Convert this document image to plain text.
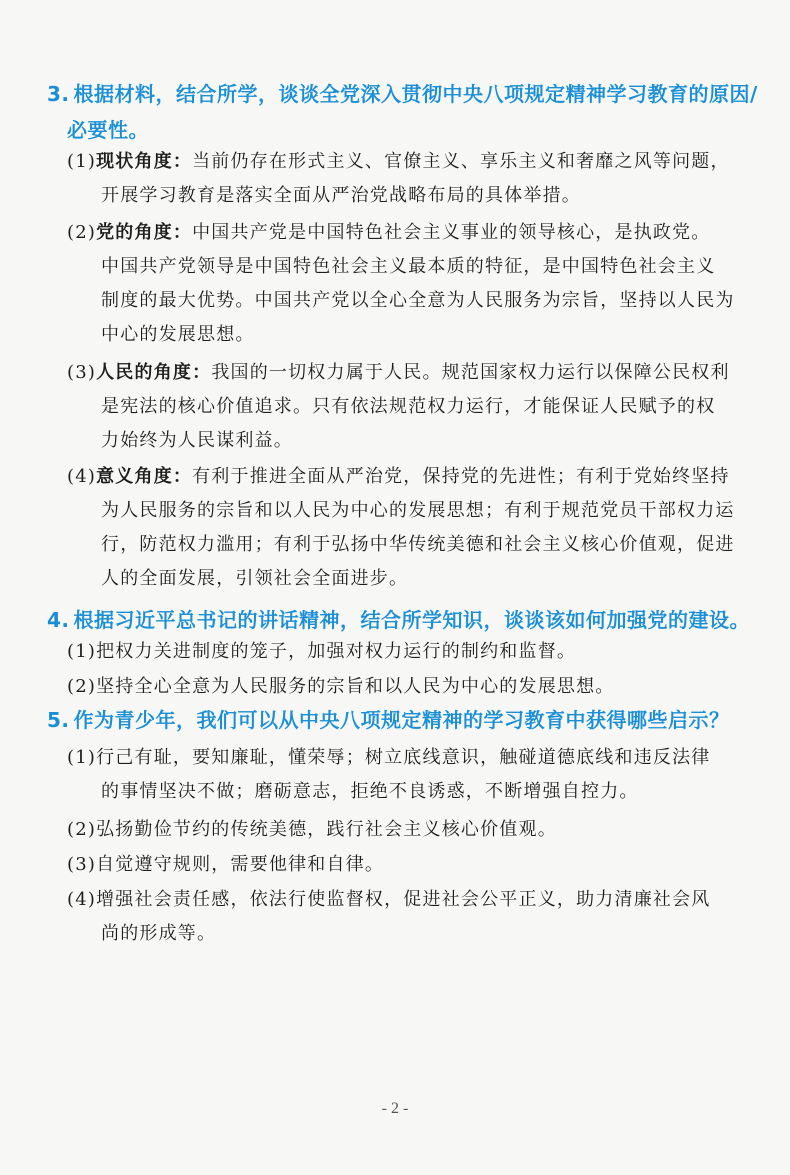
3. 根据材料，结合所学，谈谈全党深入贯彻中央八项规定精神学习教育的原因/
必要性。
(1)现状角度：当前仍存在形式主义、官僚主义、享乐主义和奢靡之风等问题，
开展学习教育是落实全面从严治党战略布局的具体举措。
(2)党的角度：中国共产党是中国特色社会主义事业的领导核心，是执政党。
中国共产党领导是中国特色社会主义最本质的特征，是中国特色社会主义
制度的最大优势。中国共产党以全心全意为人民服务为宗旨，坚持以人民为
中心的发展思想。
(3)人民的角度：我国的一切权力属于人民。规范国家权力运行以保障公民权利
是宪法的核心价值追求。只有依法规范权力运行，才能保证人民赋予的权
力始终为人民谋利益。
(4)意义角度：有利于推进全面从严治党，保持党的先进性；有利于党始终坚持
为人民服务的宗旨和以人民为中心的发展思想；有利于规范党员干部权力运
行，防范权力滥用；有利于弘扬中华传统美德和社会主义核心价值观，促进
人的全面发展，引领社会全面进步。
4. 根据习近平总书记的讲话精神，结合所学知识，谈谈该如何加强党的建设。
(1)把权力关进制度的笼子，加强对权力运行的制约和监督。
(2)坚持全心全意为人民服务的宗旨和以人民为中心的发展思想。
5. 作为青少年，我们可以从中央八项规定精神的学习教育中获得哪些启示？
(1)行己有耻，要知廉耻，懂荣辱；树立底线意识，触碰道德底线和违反法律
的事情坚决不做；磨砺意志，拒绝不良诱惑，不断增强自控力。
(2)弘扬勤俭节约的传统美德，践行社会主义核心价值观。
(3)自觉遵守规则，需要他律和自律。
(4)增强社会责任感，依法行使监督权，促进社会公平正义，助力清廉社会风
尚的形成等。
- 2 -
